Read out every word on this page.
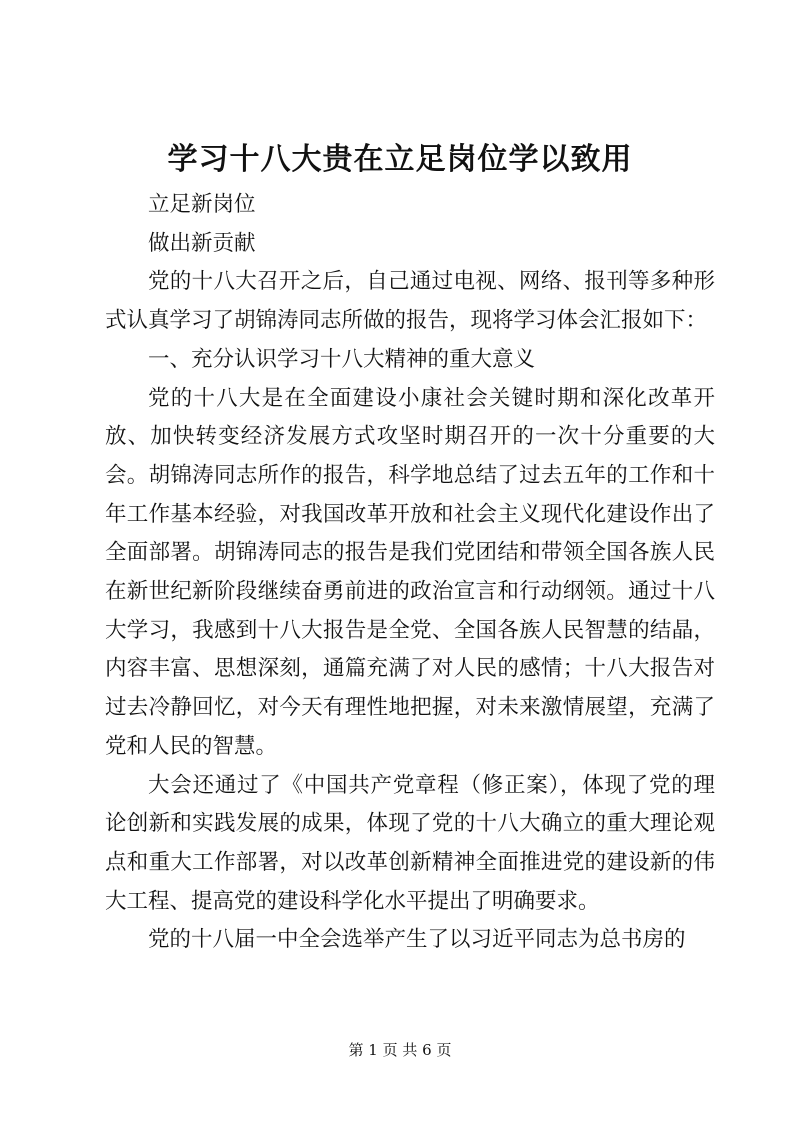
学习十八大贵在立足岗位学以致用

立足新岗位

做出新贡献

党的十八大召开之后，自己通过电视、网络、报刊等多种形式认真学习了胡锦涛同志所做的报告，现将学习体会汇报如下：

一、充分认识学习十八大精神的重大意义

党的十八大是在全面建设小康社会关键时期和深化改革开放、加快转变经济发展方式攻坚时期召开的一次十分重要的大会。胡锦涛同志所作的报告，科学地总结了过去五年的工作和十年工作基本经验，对我国改革开放和社会主义现代化建设作出了全面部署。胡锦涛同志的报告是我们党团结和带领全国各族人民在新世纪新阶段继续奋勇前进的政治宣言和行动纲领。通过十八大学习，我感到十八大报告是全党、全国各族人民智慧的结晶，内容丰富、思想深刻，通篇充满了对人民的感情；十八大报告对过去冷静回忆，对今天有理性地把握，对未来激情展望，充满了党和人民的智慧。

大会还通过了《中国共产党章程（修正案），体现了党的理论创新和实践发展的成果，体现了党的十八大确立的重大理论观点和重大工作部署，对以改革创新精神全面推进党的建设新的伟大工程、提高党的建设科学化水平提出了明确要求。

党的十八届一中全会选举产生了以习近平同志为总书房的

第 1 页 共 6 页
